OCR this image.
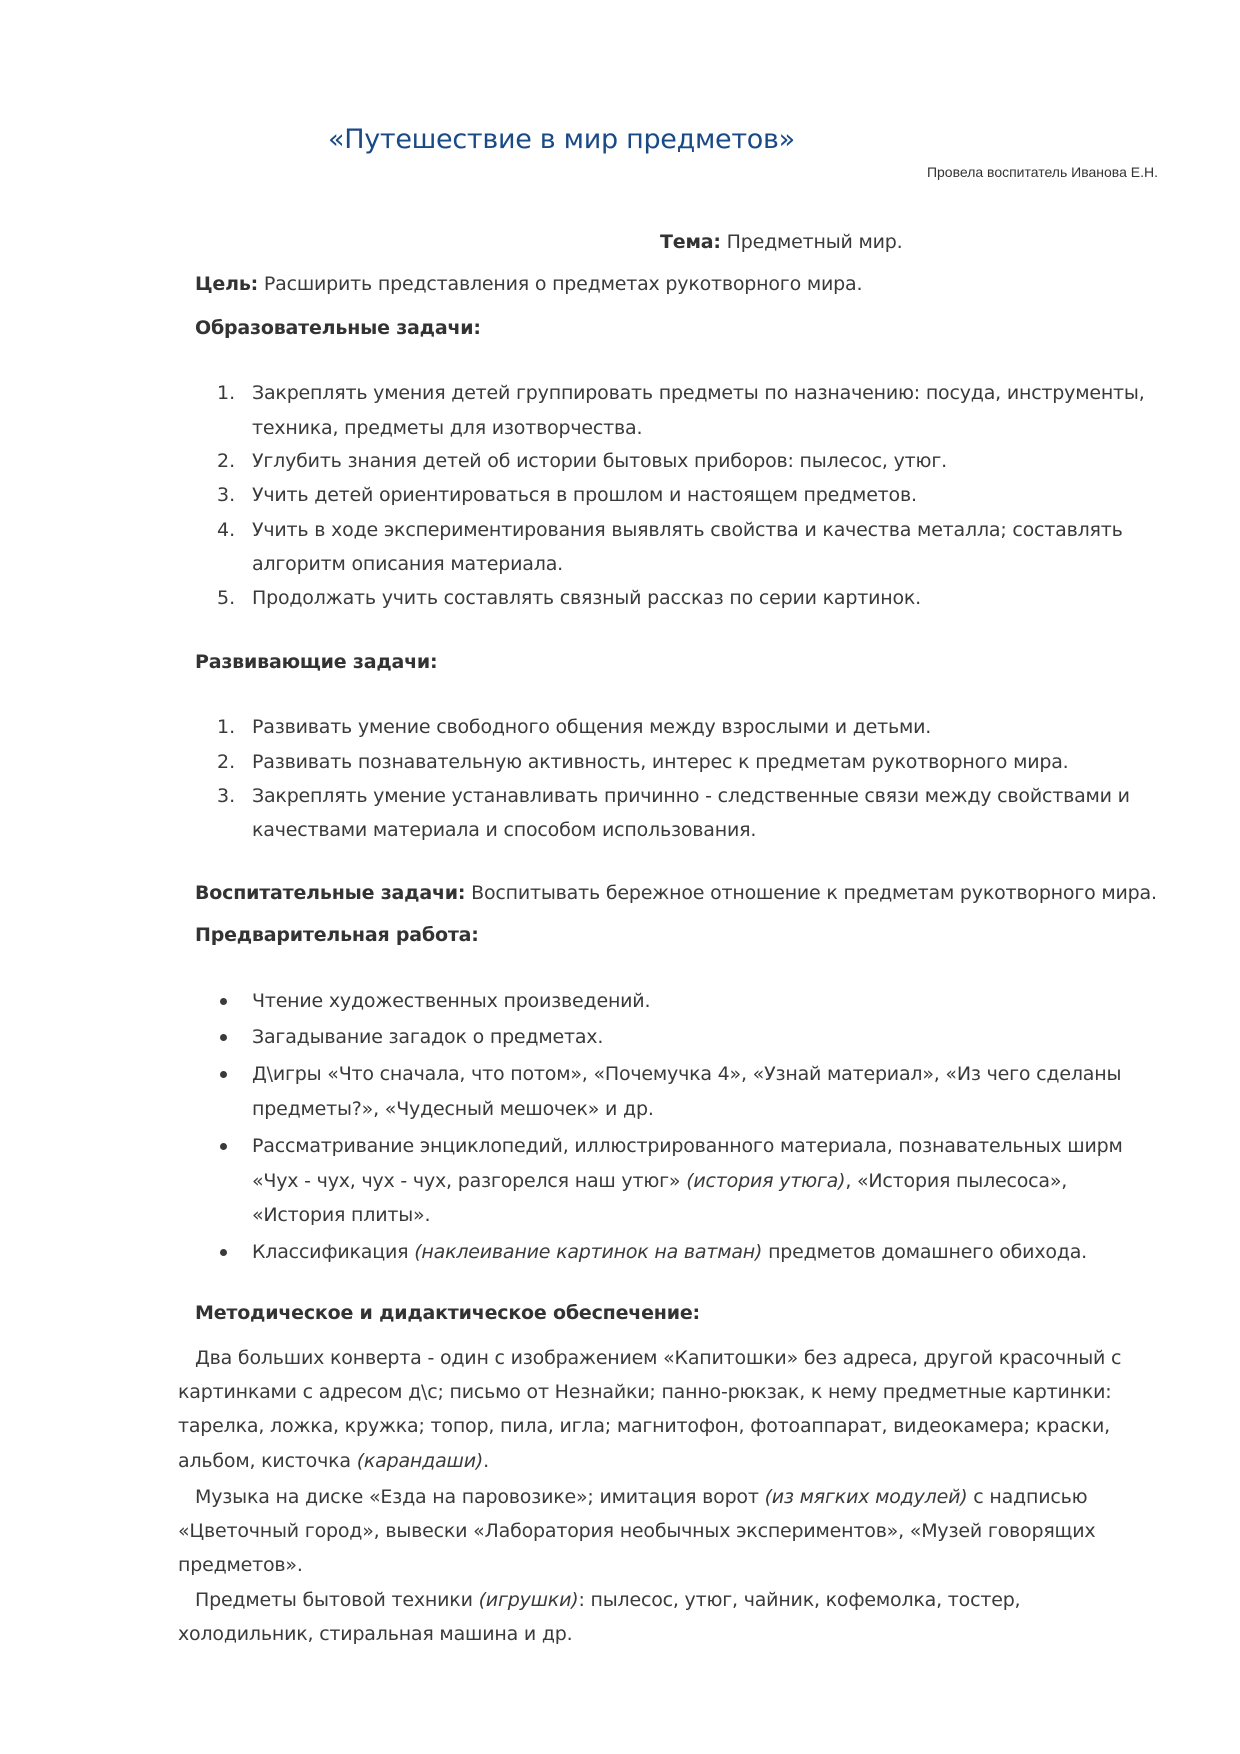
«Путешествие в мир предметов»
Провела воспитатель Иванова Е.Н.
Тема: Предметный мир.
Цель: Расширить представления о предметах рукотворного мира.
Образовательные задачи:
1. Закреплять умения детей группировать предметы по назначению: посуда, инструменты,
техника, предметы для изотворчества.
2. Углубить знания детей об истории бытовых приборов: пылесос, утюг.
3. Учить детей ориентироваться в прошлом и настоящем предметов.
4. Учить в ходе экспериментирования выявлять свойства и качества металла; составлять
алгоритм описания материала.
5. Продолжать учить составлять связный рассказ по серии картинок.
Развивающие задачи:
1. Развивать умение свободного общения между взрослыми и детьми.
2. Развивать познавательную активность, интерес к предметам рукотворного мира.
3. Закреплять умение устанавливать причинно - следственные связи между свойствами и
качествами материала и способом использования.
Воспитательные задачи: Воспитывать бережное отношение к предметам рукотворного мира.
Предварительная работа:
Чтение художественных произведений.
Загадывание загадок о предметах.
Д\игры «Что сначала, что потом», «Почемучка 4», «Узнай материал», «Из чего сделаны
предметы?», «Чудесный мешочек» и др.
Рассматривание энциклопедий, иллюстрированного материала, познавательных ширм
«Чух - чух, чух - чух, разгорелся наш утюг» (история утюга), «История пылесоса»,
«История плиты».
Классификация (наклеивание картинок на ватман) предметов домашнего обихода.
Методическое и дидактическое обеспечение:
Два больших конверта - один с изображением «Капитошки» без адреса, другой красочный с
картинками с адресом д\с; письмо от Незнайки; панно-рюкзак, к нему предметные картинки:
тарелка, ложка, кружка; топор, пила, игла; магнитофон, фотоаппарат, видеокамера; краски,
альбом, кисточка (карандаши).
Музыка на диске «Езда на паровозике»; имитация ворот (из мягких модулей) с надписью
«Цветочный город», вывески «Лаборатория необычных экспериментов», «Музей говорящих
предметов».
Предметы бытовой техники (игрушки): пылесос, утюг, чайник, кофемолка, тостер,
холодильник, стиральная машина и др.
